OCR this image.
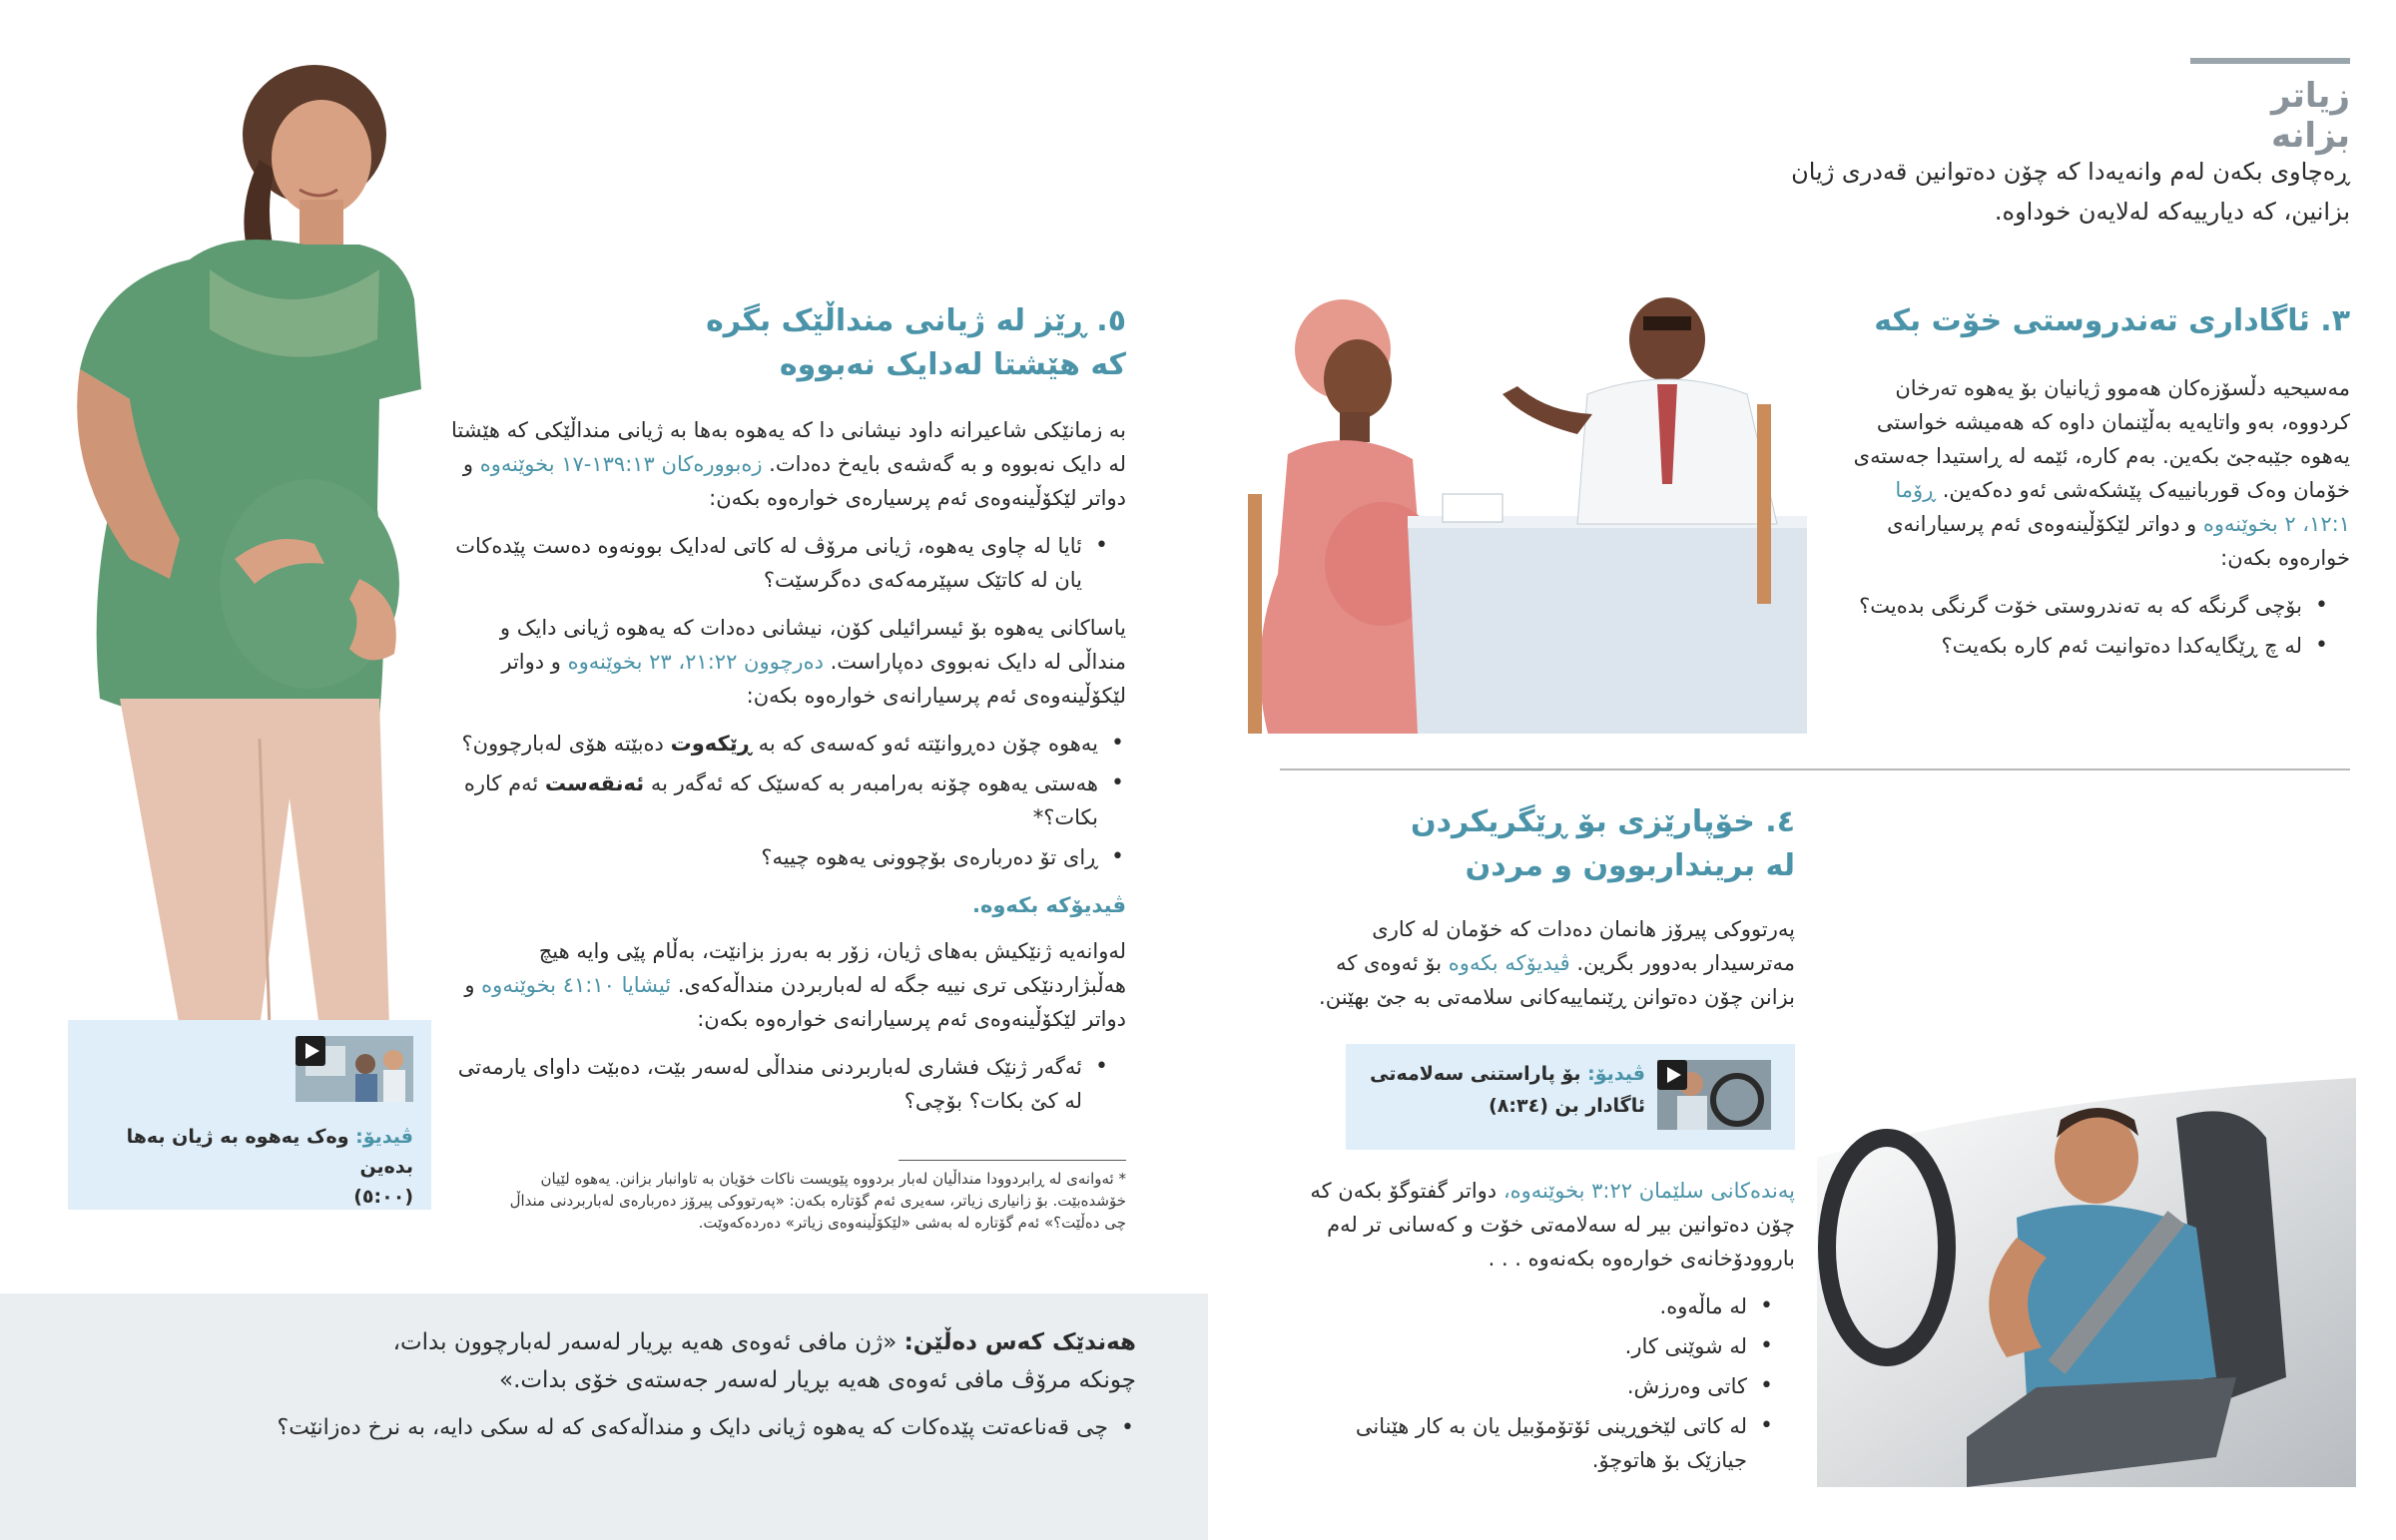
ڤیدیۆ: وەک یەهوە بە ژیان بەها بدەین
(٥:٠٠)
٥. ڕێز لە ژیانی منداڵێک بگرە
کە هێشتا لەدایک نەبووە

بە زمانێکی شاعیرانە داود نیشانی دا کە یەهوە بەها بە ژیانی منداڵێکی کە هێشتا لە دایک نەبووە و بە گەشەی بایەخ دەدات. زەبوورەکان ١٣٩:١٣-١٧ بخوێنەوە و دواتر لێکۆڵینەوەی ئەم پرسیارەی خوارەوە بکەن:

• ئایا لە چاوی یەهوە، ژیانی مرۆڤ لە کاتی لەدایک بوونەوە دەست پێدەکات یان لە کاتێک سپێرمەکەی دەگرسێت؟

یاساکانی یەهوە بۆ ئیسرائیلی کۆن، نیشانی دەدات کە یەهوە ژیانی دایک و منداڵی لە دایک نەبووی دەپاراست. دەرچوون ٢١:٢٢، ٢٣ بخوێنەوە و دواتر لێکۆڵینەوەی ئەم پرسیارانەی خوارەوە بکەن:

• یەهوە چۆن دەڕوانێتە ئەو کەسەی کە بە ڕێکەوت دەبێتە هۆی لەبارچوون؟
• هەستی یەهوە چۆنە بەرامبەر بە کەسێک کە ئەگەر بە ئەنقەست ئەم کارە بکات؟*
• ڕای تۆ دەربارەی بۆچوونی یەهوە چییە؟
ڤیدیۆکە بکەوە.

لەوانەیە ژنێکیش بەهای ژیان، زۆر بە بەرز بزانێت، بەڵام پێی وایە هیچ هەڵبژاردنێکی تری نییە جگە لە لەباربردن منداڵەکەی. ئیشایا ٤١:١٠ بخوێنەوە و دواتر لێکۆڵینەوەی ئەم پرسیارانەی خوارەوە بکەن:

• ئەگەر ژنێک فشاری لەباربردنی منداڵی لەسەر بێت، دەبێت داوای یارمەتی لە کێ بکات؟ بۆچی؟
* ئەوانەی لە ڕابردوودا منداڵیان لەبار بردووە پێویست ناکات خۆیان بە تاوانبار بزانن. یەهوە لێیان خۆشدەبێت. بۆ زانیاری زیاتر، سەیری ئەم گۆتارە بکەن: «پەرتووکی پیرۆز دەربارەی لەباربردنی منداڵ چی دەڵێت؟» ئەم گۆتارە لە بەشی «لێکۆڵینەوەی زیاتر» دەردەکەوێت.
هەندێک کەس دەڵێن: «ژن مافی ئەوەی هەیە بڕیار لەسەر لەبارچوون بدات،
چونکە مرۆڤ مافی ئەوەی هەیە بڕیار لەسەر جەستەی خۆی بدات.»
• چی قەناعەتت پێدەکات کە یەهوە ژیانی دایک و منداڵەکەی کە لە سکی دایە، بە نرخ دەزانێت؟
زیاتر بزانە
ڕەچاوی بکەن لەم وانەیەدا کە چۆن دەتوانین قەدری ژیان بزانین، کە دیارییەکە لەلایەن خوداوە.
٣. ئاگاداری تەندروستی خۆت بکە

مەسیحیە دڵسۆزەکان هەموو ژیانیان بۆ یەهوە تەرخان کردووە، بەو واتایەیە بەڵێنمان داوە کە هەمیشە خواستی یەهوە جێبەجێ بکەین. بەم کارە، ئێمە لە ڕاستیدا جەستەی خۆمان وەک قوربانییەک پێشکەشی ئەو دەکەین. ڕۆما ١٢:١، ٢ بخوێنەوە و دواتر لێکۆڵینەوەی ئەم پرسیارانەی خوارەوە بکەن:

• بۆچی گرنگە کە بە تەندروستی خۆت گرنگی بدەیت؟
• لە چ ڕێگایەکدا دەتوانیت ئەم کارە بکەیت؟
٤. خۆپارێزی بۆ ڕێگریکردن
لە برینداربوون و مردن
پەرتووکی پیرۆز هانمان دەدات کە خۆمان لە کاری مەترسیدار بەدوور بگرین. ڤیدیۆکە بکەوە بۆ ئەوەی کە بزانن چۆن دەتوانن ڕێنماییەکانی سلامەتی بە جێ بهێنن.
ڤیدیۆ: بۆ پاراستنی سەلامەتی
ئاگادار بن (٨:٣٤)

پەندەکانی سلێمان ٣:٢٢ بخوێنەوە، دواتر گفتوگۆ بکەن کە چۆن دەتوانین بیر لە سەلامەتی خۆت و کەسانی تر لەم باروودۆخانەی خوارەوە بکەنەوە . . .

• لە ماڵەوە.
• لە شوێنی کار.
• کاتی وەرزش.
• لە کاتی لێخوڕینی ئۆتۆمۆبیل یان بە کار هێنانی جیازێک بۆ هاتوچۆ.
